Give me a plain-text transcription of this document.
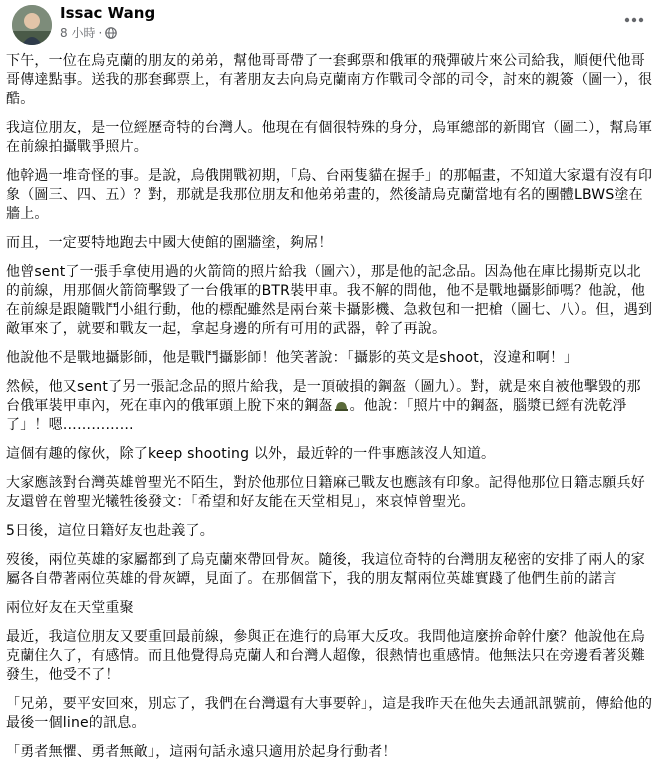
Issac Wang
8 小時 ·

下午，一位在烏克蘭的朋友的弟弟，幫他哥哥帶了一套郵票和俄軍的飛彈破片來公司給我，順便代他哥哥傳達點事。送我的那套郵票上，有著朋友去向烏克蘭南方作戰司令部的司令，討來的親簽（圖一），很酷。

我這位朋友，是一位經歷奇特的台灣人。他現在有個很特殊的身分，烏軍總部的新聞官（圖二），幫烏軍在前線拍攝戰爭照片。

他幹過一堆奇怪的事。是說，烏俄開戰初期，「烏、台兩隻貓在握手」的那幅畫，不知道大家還有沒有印象（圖三、四、五）？對，那就是我那位朋友和他弟弟畫的，然後請烏克蘭當地有名的團體LBWS塗在牆上。

而且，一定要特地跑去中國大使館的圍牆塗，夠屌！

他曾sent了一張手拿使用過的火箭筒的照片給我（圖六），那是他的記念品。因為他在庫比揚斯克以北的前線，用那個火箭筒擊毀了一台俄軍的BTR裝甲車。我不解的問他，他不是戰地攝影師嗎？他說，他在前線是跟隨戰鬥小組行動，他的標配雖然是兩台萊卡攝影機、急救包和一把槍（圖七、八）。但，遇到敵軍來了，就要和戰友一起，拿起身邊的所有可用的武器，幹了再說。

他說他不是戰地攝影師，他是戰鬥攝影師！他笑著說：「攝影的英文是shoot，沒違和啊！」

然候，他又sent了另一張記念品的照片給我，是一頂破損的鋼盔（圖九）。對，就是來自被他擊毀的那台俄軍裝甲車內，死在車內的俄軍頭上脫下來的鋼盔 。他說：「照片中的鋼盔，腦漿已經有洗乾淨了」！嗯……………

這個有趣的傢伙，除了keep shooting 以外，最近幹的一件事應該沒人知道。

大家應該對台灣英雄曾聖光不陌生，對於他那位日籍麻己戰友也應該有印象。記得他那位日籍志願兵好友還曾在曾聖光犧牲後發文：「希望和好友能在天堂相見」，來哀悼曾聖光。

5日後，這位日籍好友也赴義了。

歿後，兩位英雄的家屬都到了烏克蘭來帶回骨灰。隨後，我這位奇特的台灣朋友秘密的安排了兩人的家屬各自帶著兩位英雄的骨灰罈，見面了。在那個當下，我的朋友幫兩位英雄實踐了他們生前的諾言

兩位好友在天堂重聚

最近，我這位朋友又要重回最前線，參與正在進行的烏軍大反攻。我問他這麼拚命幹什麼？他說他在烏克蘭住久了，有感情。而且他覺得烏克蘭人和台灣人超像，很熱情也重感情。他無法只在旁邊看著災難發生，他受不了！

「兄弟，要平安回來，別忘了，我們在台灣還有大事要幹」，這是我昨天在他失去通訊訊號前，傳給他的最後一個line的訊息。

「勇者無懼、勇者無敵」，這兩句話永遠只適用於起身行動者！
